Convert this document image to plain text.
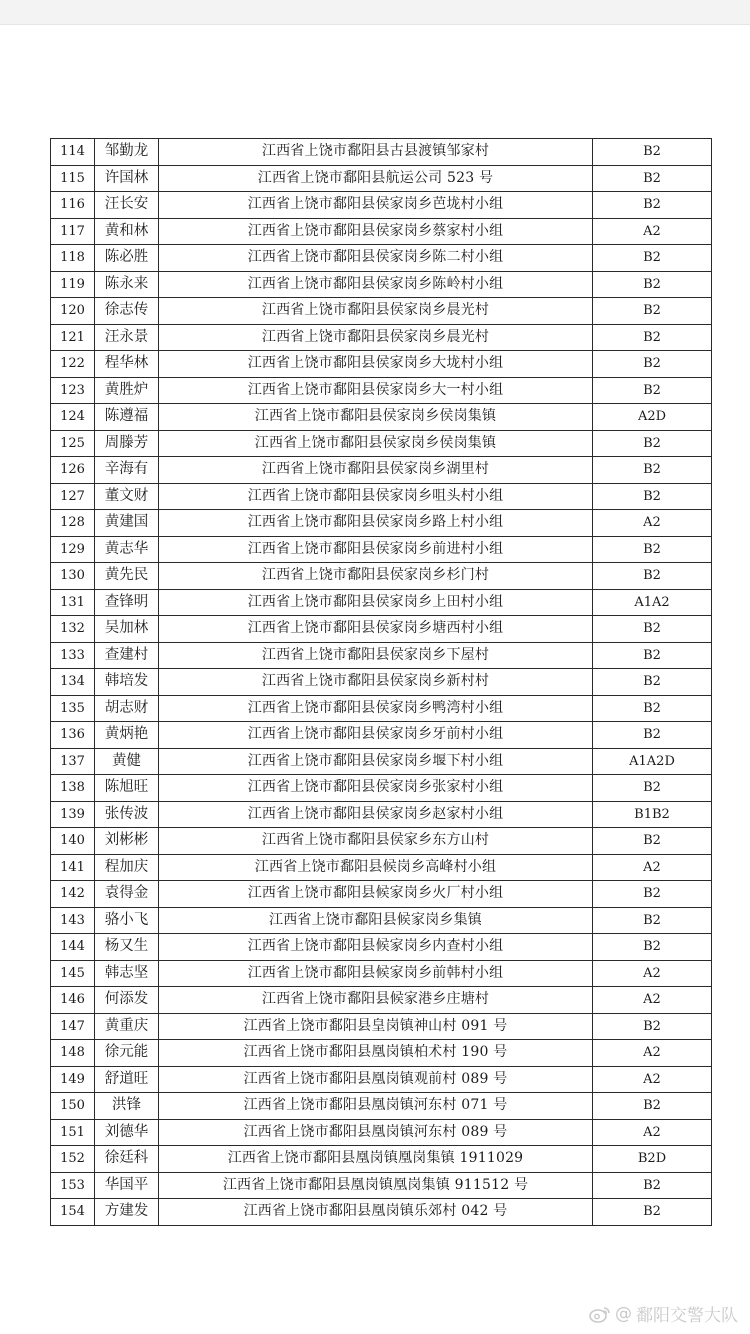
114	邹勤龙	江西省上饶市鄱阳县古县渡镇邹家村	B2
115	许国林	江西省上饶市鄱阳县航运公司 523 号	B2
116	汪长安	江西省上饶市鄱阳县侯家岗乡芭垅村小组	B2
117	黄和林	江西省上饶市鄱阳县侯家岗乡蔡家村小组	A2
118	陈必胜	江西省上饶市鄱阳县侯家岗乡陈二村小组	B2
119	陈永来	江西省上饶市鄱阳县侯家岗乡陈岭村小组	B2
120	徐志传	江西省上饶市鄱阳县侯家岗乡晨光村	B2
121	汪永景	江西省上饶市鄱阳县侯家岗乡晨光村	B2
122	程华林	江西省上饶市鄱阳县侯家岗乡大垅村小组	B2
123	黄胜炉	江西省上饶市鄱阳县侯家岗乡大一村小组	B2
124	陈遵福	江西省上饶市鄱阳县侯家岗乡侯岗集镇	A2D
125	周滕芳	江西省上饶市鄱阳县侯家岗乡侯岗集镇	B2
126	辛海有	江西省上饶市鄱阳县侯家岗乡湖里村	B2
127	董文财	江西省上饶市鄱阳县侯家岗乡咀头村小组	B2
128	黄建国	江西省上饶市鄱阳县侯家岗乡路上村小组	A2
129	黄志华	江西省上饶市鄱阳县侯家岗乡前进村小组	B2
130	黄先民	江西省上饶市鄱阳县侯家岗乡杉门村	B2
131	查锋明	江西省上饶市鄱阳县侯家岗乡上田村小组	A1A2
132	吴加林	江西省上饶市鄱阳县侯家岗乡塘西村小组	B2
133	查建村	江西省上饶市鄱阳县侯家岗乡下屋村	B2
134	韩培发	江西省上饶市鄱阳县侯家岗乡新村村	B2
135	胡志财	江西省上饶市鄱阳县侯家岗乡鸭湾村小组	B2
136	黄炳艳	江西省上饶市鄱阳县侯家岗乡牙前村小组	B2
137	黄健	江西省上饶市鄱阳县侯家岗乡堰下村小组	A1A2D
138	陈旭旺	江西省上饶市鄱阳县侯家岗乡张家村小组	B2
139	张传波	江西省上饶市鄱阳县侯家岗乡赵家村小组	B1B2
140	刘彬彬	江西省上饶市鄱阳县侯家乡东方山村	B2
141	程加庆	江西省上饶市鄱阳县候岗乡高峰村小组	A2
142	袁得金	江西省上饶市鄱阳县候家岗乡火厂村小组	B2
143	骆小飞	江西省上饶市鄱阳县候家岗乡集镇	B2
144	杨又生	江西省上饶市鄱阳县候家岗乡内查村小组	B2
145	韩志坚	江西省上饶市鄱阳县候家岗乡前韩村小组	A2
146	何添发	江西省上饶市鄱阳县候家港乡庄塘村	A2
147	黄重庆	江西省上饶市鄱阳县皇岗镇神山村 091 号	B2
148	徐元能	江西省上饶市鄱阳县凰岗镇柏术村 190 号	A2
149	舒道旺	江西省上饶市鄱阳县凰岗镇观前村 089 号	A2
150	洪锋	江西省上饶市鄱阳县凰岗镇河东村 071 号	B2
151	刘德华	江西省上饶市鄱阳县凰岗镇河东村 089 号	A2
152	徐廷科	江西省上饶市鄱阳县凰岗镇凰岗集镇 1911029	B2D
153	华国平	江西省上饶市鄱阳县凰岗镇凰岗集镇 911512 号	B2
154	方建发	江西省上饶市鄱阳县凰岗镇乐郊村 042 号	B2
@ 鄱阳交警大队
